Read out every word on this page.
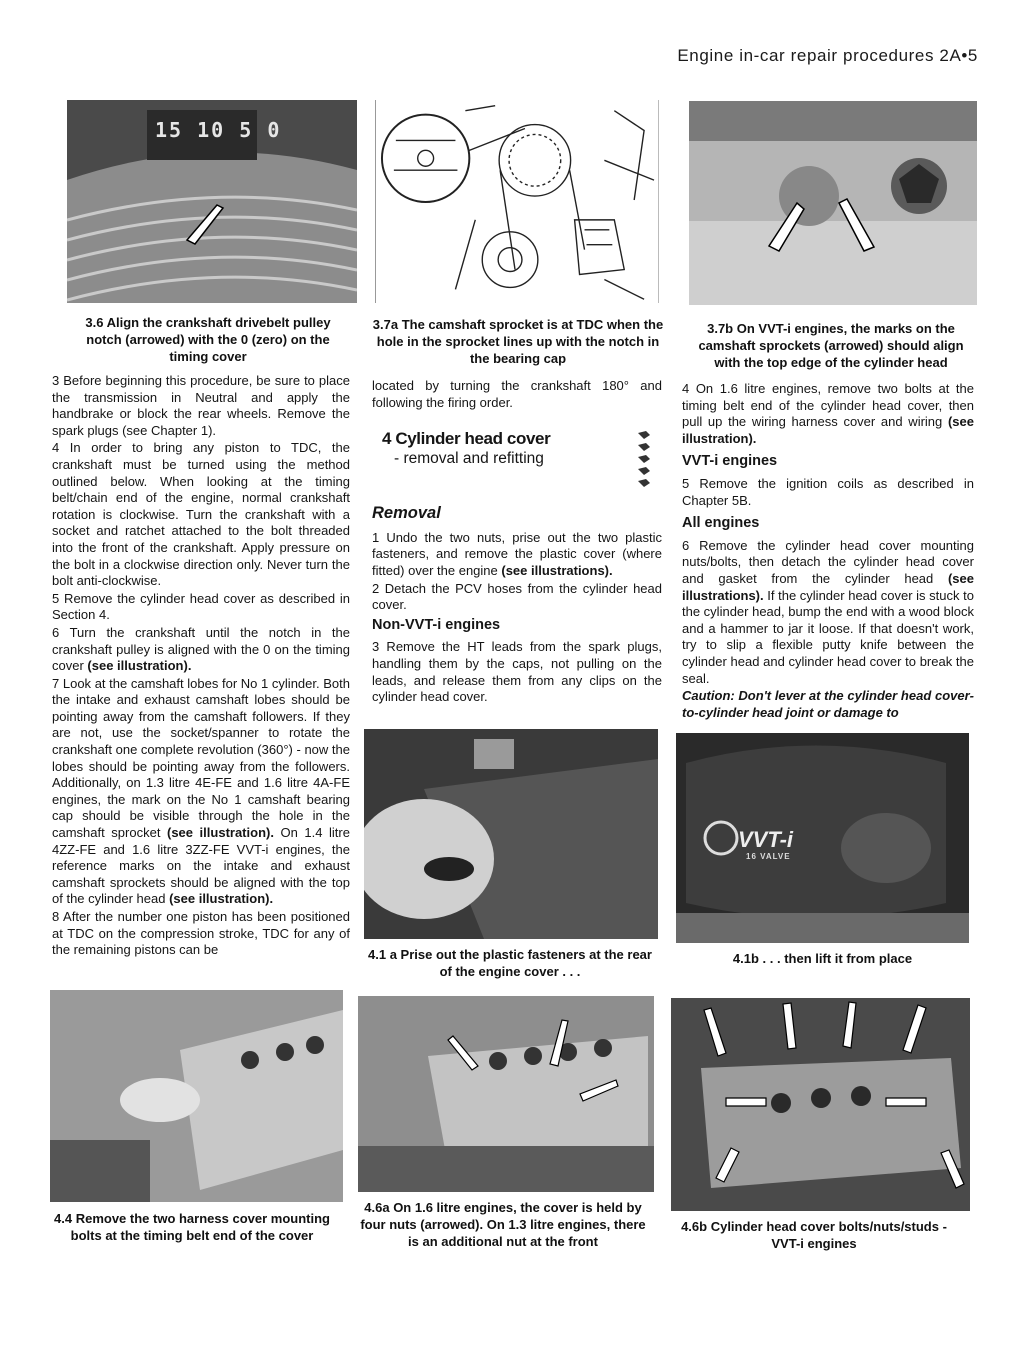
Engine in-car repair procedures 2A•5
15 10 5 0
3.6 Align the crankshaft drivebelt pulley notch (arrowed) with the 0 (zero) on the timing cover
3.7a The camshaft sprocket is at TDC when the hole in the sprocket lines up with the notch in the bearing cap
3.7b On VVT-i engines, the marks on the camshaft sprockets (arrowed) should align with the top edge of the cylinder head

3 Before beginning this procedure, be sure to place the transmission in Neutral and apply the handbrake or block the rear wheels. Remove the spark plugs (see Chapter 1).

4 In order to bring any piston to TDC, the crankshaft must be turned using the method outlined below. When looking at the timing belt/chain end of the engine, normal crankshaft rotation is clockwise. Turn the crankshaft with a socket and ratchet attached to the bolt threaded into the front of the crankshaft. Apply pressure on the bolt in a clockwise direction only. Never turn the bolt anti-clockwise.

5 Remove the cylinder head cover as described in Section 4.

6 Turn the crankshaft until the notch in the crankshaft pulley is aligned with the 0 on the timing cover (see illustration).

7 Look at the camshaft lobes for No 1 cylinder. Both the intake and exhaust camshaft lobes should be pointing away from the camshaft followers. If they are not, use the socket/spanner to rotate the crankshaft one complete revolution (360°) - now the lobes should be pointing away from the followers. Additionally, on 1.3 litre 4E-FE and 1.6 litre 4A-FE engines, the mark on the No 1 camshaft bearing cap should be visible through the hole in the camshaft sprocket (see illustration). On 1.4 litre 4ZZ-FE and 1.6 litre 3ZZ-FE VVT-i engines, the reference marks on the intake and exhaust camshaft sprockets should be aligned with the top of the cylinder head (see illustration).

8 After the number one piston has been positioned at TDC on the compression stroke, TDC for any of the remaining pistons can be

located by turning the crankshaft 180° and following the firing order.

4 Cylinder head cover
- removal and refitting
Removal

1 Undo the two nuts, prise out the two plastic fasteners, and remove the plastic cover (where fitted) over the engine (see illustrations).

2 Detach the PCV hoses from the cylinder head cover.

Non-VVT-i engines

3 Remove the HT leads from the spark plugs, handling them by the caps, not pulling on the leads, and release them from any clips on the cylinder head cover.

4 On 1.6 litre engines, remove two bolts at the timing belt end of the cylinder head cover, then pull up the wiring harness cover and wiring (see illustration).

VVT-i engines

5 Remove the ignition coils as described in Chapter 5B.

All engines

6 Remove the cylinder head cover mounting nuts/bolts, then detach the cylinder head cover and gasket from the cylinder head (see illustrations). If the cylinder head cover is stuck to the cylinder head, bump the end with a wood block and a hammer to jar it loose. If that doesn't work, try to slip a flexible putty knife between the cylinder head and cylinder head cover to break the seal.

Caution: Don't lever at the cylinder head cover-to-cylinder head joint or damage to

4.1 a Prise out the plastic fasteners at the rear of the engine cover . . .
VVT-i
16 VALVE
4.1b . . . then lift it from place
4.4 Remove the two harness cover mounting bolts at the timing belt end of the cover
4.6a On 1.6 litre engines, the cover is held by four nuts (arrowed). On 1.3 litre engines, there is an additional nut at the front
4.6b Cylinder head cover bolts/nuts/studs - VVT-i engines
